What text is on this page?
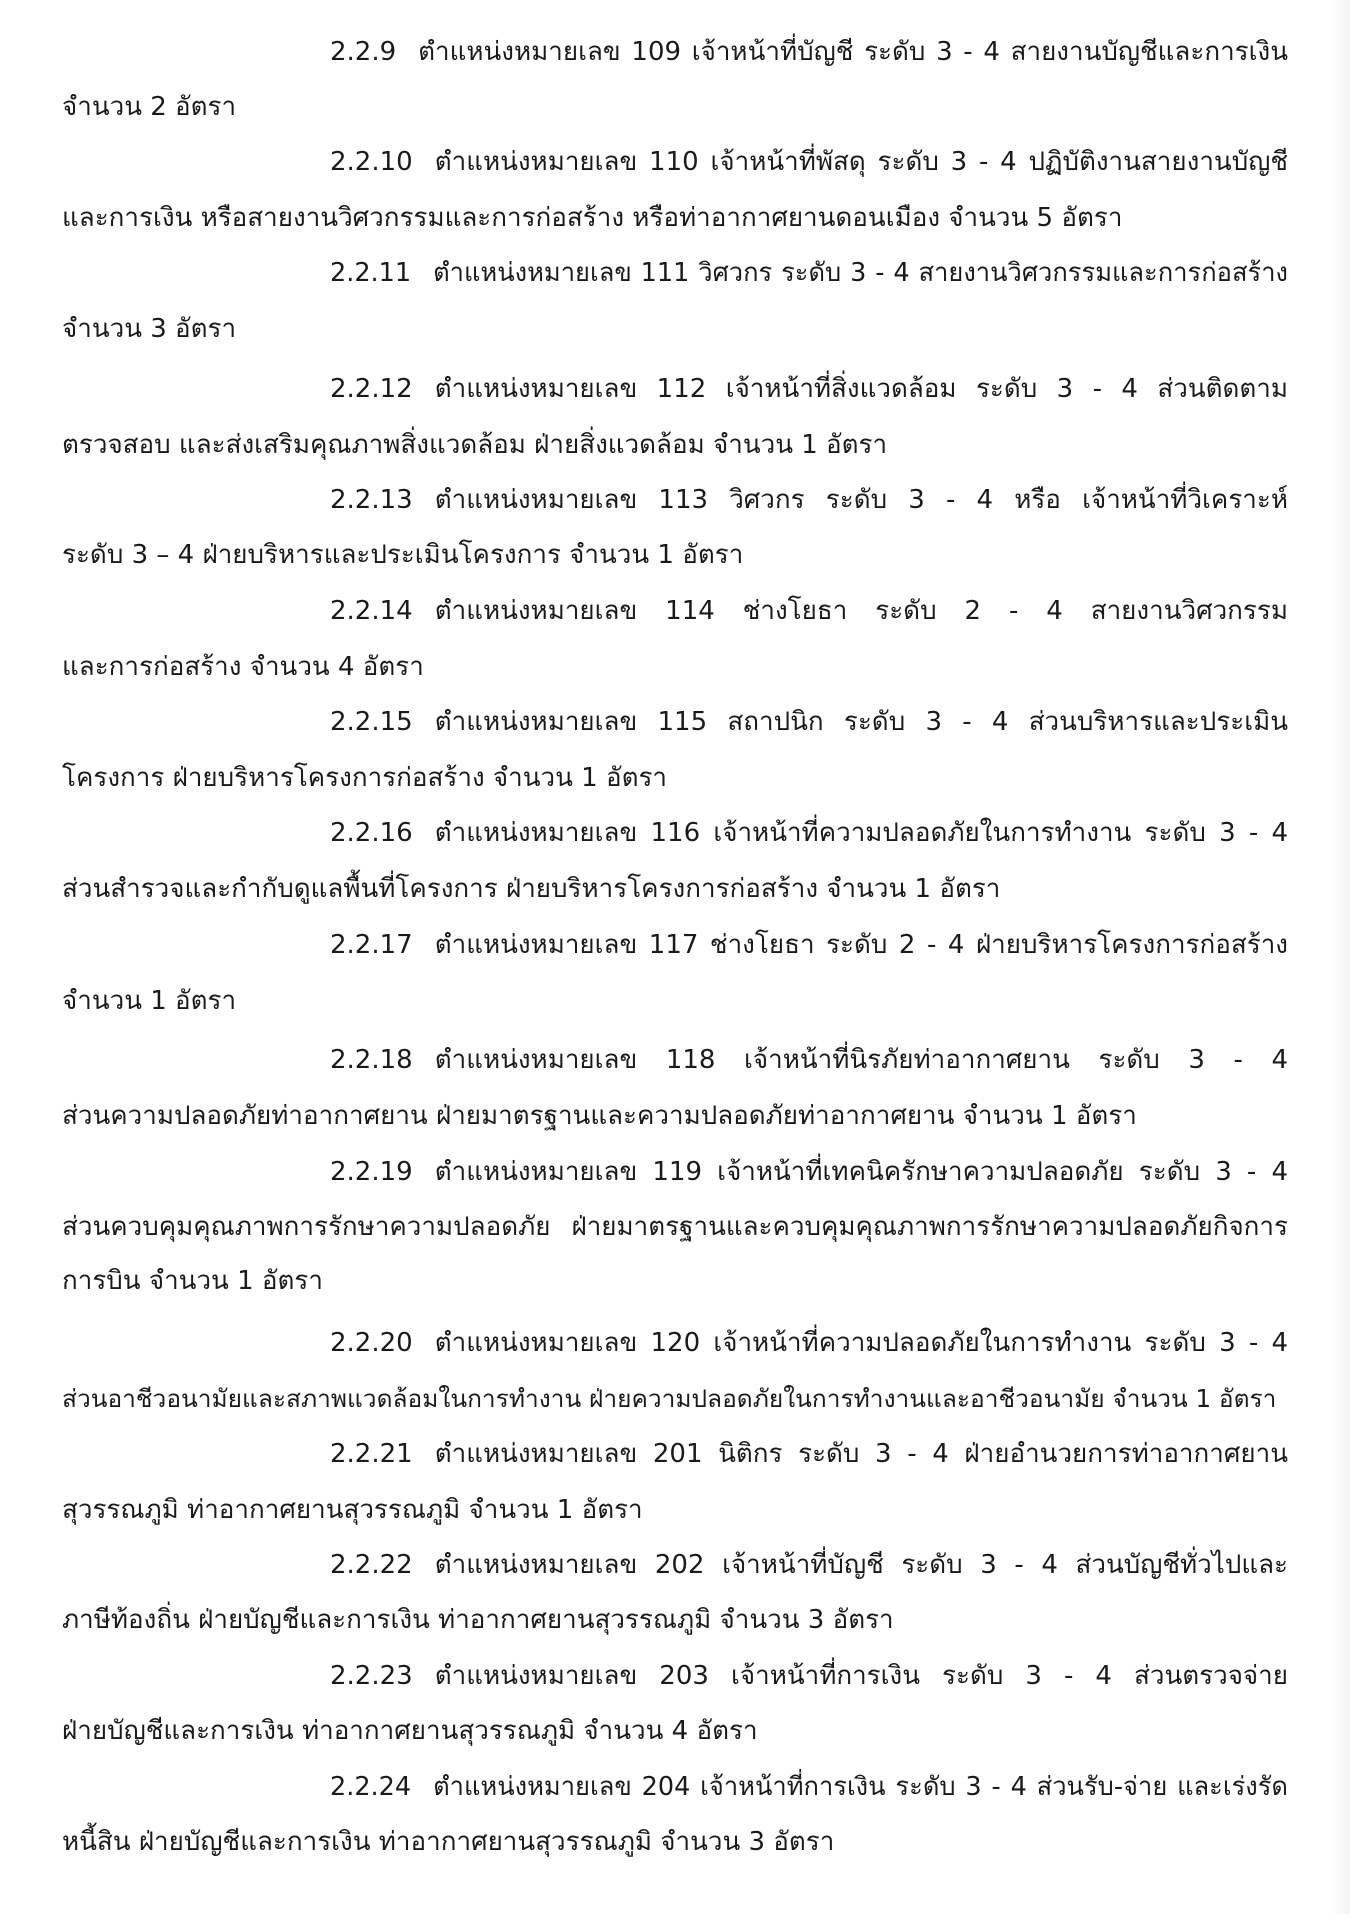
2.2.9 ตำแหน่งหมายเลข 109 เจ้าหน้าที่บัญชี ระดับ 3 - 4 สายงานบัญชีและการเงิน
จำนวน 2 อัตรา
2.2.10 ตำแหน่งหมายเลข 110 เจ้าหน้าที่พัสดุ ระดับ 3 - 4 ปฏิบัติงานสายงานบัญชี
และการเงิน หรือสายงานวิศวกรรมและการก่อสร้าง หรือท่าอากาศยานดอนเมือง จำนวน 5 อัตรา
2.2.11 ตำแหน่งหมายเลข 111 วิศวกร ระดับ 3 - 4 สายงานวิศวกรรมและการก่อสร้าง
จำนวน 3 อัตรา
2.2.12 ตำแหน่งหมายเลข 112 เจ้าหน้าที่สิ่งแวดล้อม ระดับ 3 - 4 ส่วนติดตาม
ตรวจสอบ และส่งเสริมคุณภาพสิ่งแวดล้อม ฝ่ายสิ่งแวดล้อม จำนวน 1 อัตรา
2.2.13 ตำแหน่งหมายเลข 113 วิศวกร ระดับ 3 - 4 หรือ เจ้าหน้าที่วิเคราะห์
ระดับ 3 – 4 ฝ่ายบริหารและประเมินโครงการ จำนวน 1 อัตรา
2.2.14 ตำแหน่งหมายเลข 114 ช่างโยธา ระดับ 2 - 4 สายงานวิศวกรรม
และการก่อสร้าง จำนวน 4 อัตรา
2.2.15 ตำแหน่งหมายเลข 115 สถาปนิก ระดับ 3 - 4 ส่วนบริหารและประเมิน
โครงการ ฝ่ายบริหารโครงการก่อสร้าง จำนวน 1 อัตรา
2.2.16 ตำแหน่งหมายเลข 116 เจ้าหน้าที่ความปลอดภัยในการทำงาน ระดับ 3 - 4
ส่วนสำรวจและกำกับดูแลพื้นที่โครงการ ฝ่ายบริหารโครงการก่อสร้าง จำนวน 1 อัตรา
2.2.17 ตำแหน่งหมายเลข 117 ช่างโยธา ระดับ 2 - 4 ฝ่ายบริหารโครงการก่อสร้าง
จำนวน 1 อัตรา
2.2.18 ตำแหน่งหมายเลข 118 เจ้าหน้าที่นิรภัยท่าอากาศยาน ระดับ 3 - 4
ส่วนความปลอดภัยท่าอากาศยาน ฝ่ายมาตรฐานและความปลอดภัยท่าอากาศยาน จำนวน 1 อัตรา
2.2.19 ตำแหน่งหมายเลข 119 เจ้าหน้าที่เทคนิครักษาความปลอดภัย ระดับ 3 - 4
ส่วนควบคุมคุณภาพการรักษาความปลอดภัย ฝ่ายมาตรฐานและควบคุมคุณภาพการรักษาความปลอดภัยกิจการ
การบิน จำนวน 1 อัตรา
2.2.20 ตำแหน่งหมายเลข 120 เจ้าหน้าที่ความปลอดภัยในการทำงาน ระดับ 3 - 4
ส่วนอาชีวอนามัยและสภาพแวดล้อมในการทำงาน ฝ่ายความปลอดภัยในการทำงานและอาชีวอนามัย จำนวน 1 อัตรา
2.2.21 ตำแหน่งหมายเลข 201 นิติกร ระดับ 3 - 4 ฝ่ายอำนวยการท่าอากาศยาน
สุวรรณภูมิ ท่าอากาศยานสุวรรณภูมิ จำนวน 1 อัตรา
2.2.22 ตำแหน่งหมายเลข 202 เจ้าหน้าที่บัญชี ระดับ 3 - 4 ส่วนบัญชีทั่วไปและ
ภาษีท้องถิ่น ฝ่ายบัญชีและการเงิน ท่าอากาศยานสุวรรณภูมิ จำนวน 3 อัตรา
2.2.23 ตำแหน่งหมายเลข 203 เจ้าหน้าที่การเงิน ระดับ 3 - 4 ส่วนตรวจจ่าย
ฝ่ายบัญชีและการเงิน ท่าอากาศยานสุวรรณภูมิ จำนวน 4 อัตรา
2.2.24 ตำแหน่งหมายเลข 204 เจ้าหน้าที่การเงิน ระดับ 3 - 4 ส่วนรับ-จ่าย และเร่งรัด
หนี้สิน ฝ่ายบัญชีและการเงิน ท่าอากาศยานสุวรรณภูมิ จำนวน 3 อัตรา
